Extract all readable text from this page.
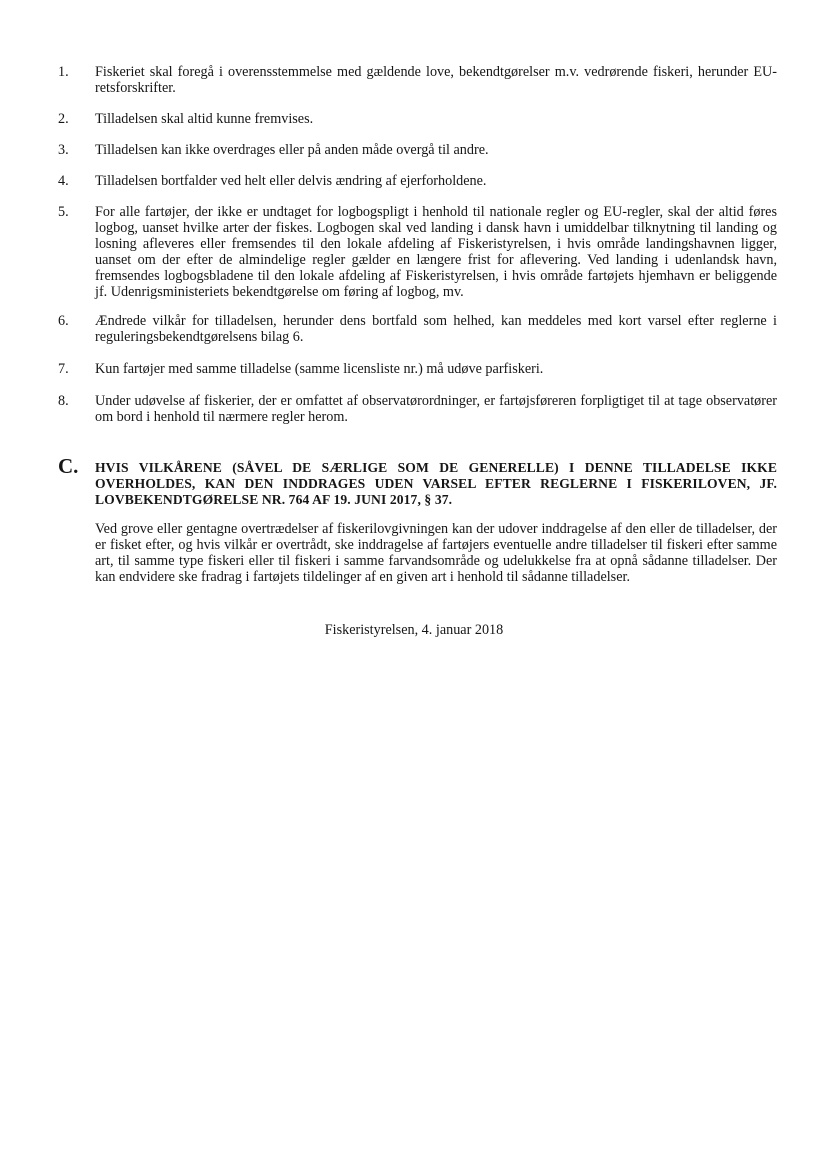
1.	Fiskeriet skal foregå i overensstemmelse med gældende love, bekendtgørelser m.v. vedrørende fiskeri, herunder EU-retsforskrifter.
2.	Tilladelsen skal altid kunne fremvises.
3.	Tilladelsen kan ikke overdrages eller på anden måde overgå til andre.
4.	Tilladelsen bortfalder ved helt eller delvis ændring af ejerforholdene.
5.	For alle fartøjer, der ikke er undtaget for logbogspligt i henhold til nationale regler og EU-regler, skal der altid føres logbog, uanset hvilke arter der fiskes. Logbogen skal ved landing i dansk havn i umiddelbar tilknytning til landing og losning afleveres eller fremsendes til den lokale afdeling af Fiskeristyrelsen, i hvis område landingshavnen ligger, uanset om der efter de almindelige regler gælder en længere frist for aflevering. Ved landing i udenlandsk havn, fremsendes logbogsbladene til den lokale afdeling af Fiskeristyrelsen, i hvis område fartøjets hjemhavn er beliggende jf. Udenrigsministeriets bekendtgørelse om føring af logbog, mv.
6.	Ændrede vilkår for tilladelsen, herunder dens bortfald som helhed, kan meddeles med kort varsel efter reglerne i reguleringsbekendtgørelsens bilag 6.
7.	Kun fartøjer med samme tilladelse (samme licensliste nr.) må udøve parfiskeri.
8.	Under udøvelse af fiskerier, der er omfattet af observatørordninger, er fartøjsføreren forpligtiget til at tage observatører om bord i henhold til nærmere regler herom.
C. HVIS VILKÅRENE (SÅVEL DE SÆRLIGE SOM DE GENERELLE) I DENNE TILLADELSE IKKE OVERHOLDES, KAN DEN INDDRAGES UDEN VARSEL EFTER REGLERNE I FISKERILOVEN, JF. LOVBEKENDTGØRELSE NR. 764 AF 19. JUNI 2017, § 37.
Ved grove eller gentagne overtrædelser af fiskerilovgivningen kan der udover inddragelse af den eller de tilladelser, der er fisket efter, og hvis vilkår er overtrådt, ske inddragelse af fartøjers eventuelle andre tilladelser til fiskeri efter samme art, til samme type fiskeri eller til fiskeri i samme farvandsområde og udelukkelse fra at opnå sådanne tilladelser. Der kan endvidere ske fradrag i fartøjets tildelinger af en given art i henhold til sådanne tilladelser.
Fiskeristyrelsen, 4. januar 2018
